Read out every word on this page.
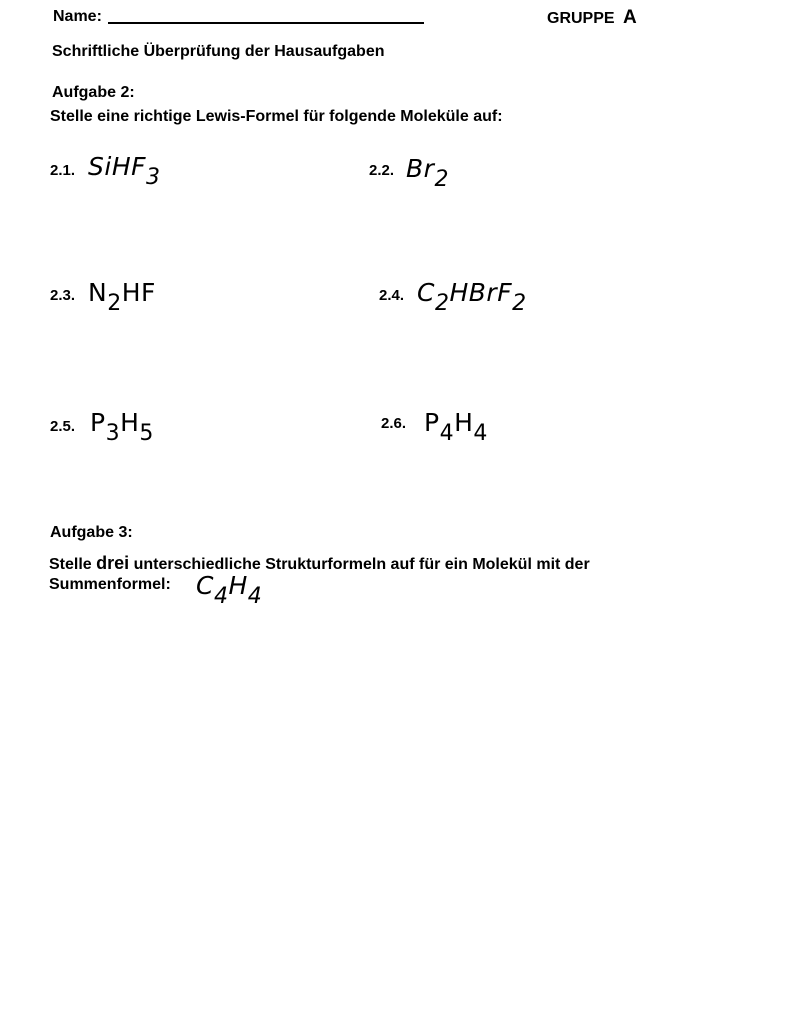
Name:	GRUPPE A
Schriftliche Überprüfung der Hausaufgaben
Aufgabe 2:
Stelle eine richtige Lewis-Formel für folgende Moleküle auf:
2.1. SiHF$_3$	2.2. $Br_2$
2.3. $N_2HF$	2.4. $C_2HBrF_2$
2.5. $P_3H_5$	2.6. $P_4H_4$
Aufgabe 3:
Stelle drei unterschiedliche Strukturformeln auf für ein Molekül mit der
Summenformel: $C_4H_4$
